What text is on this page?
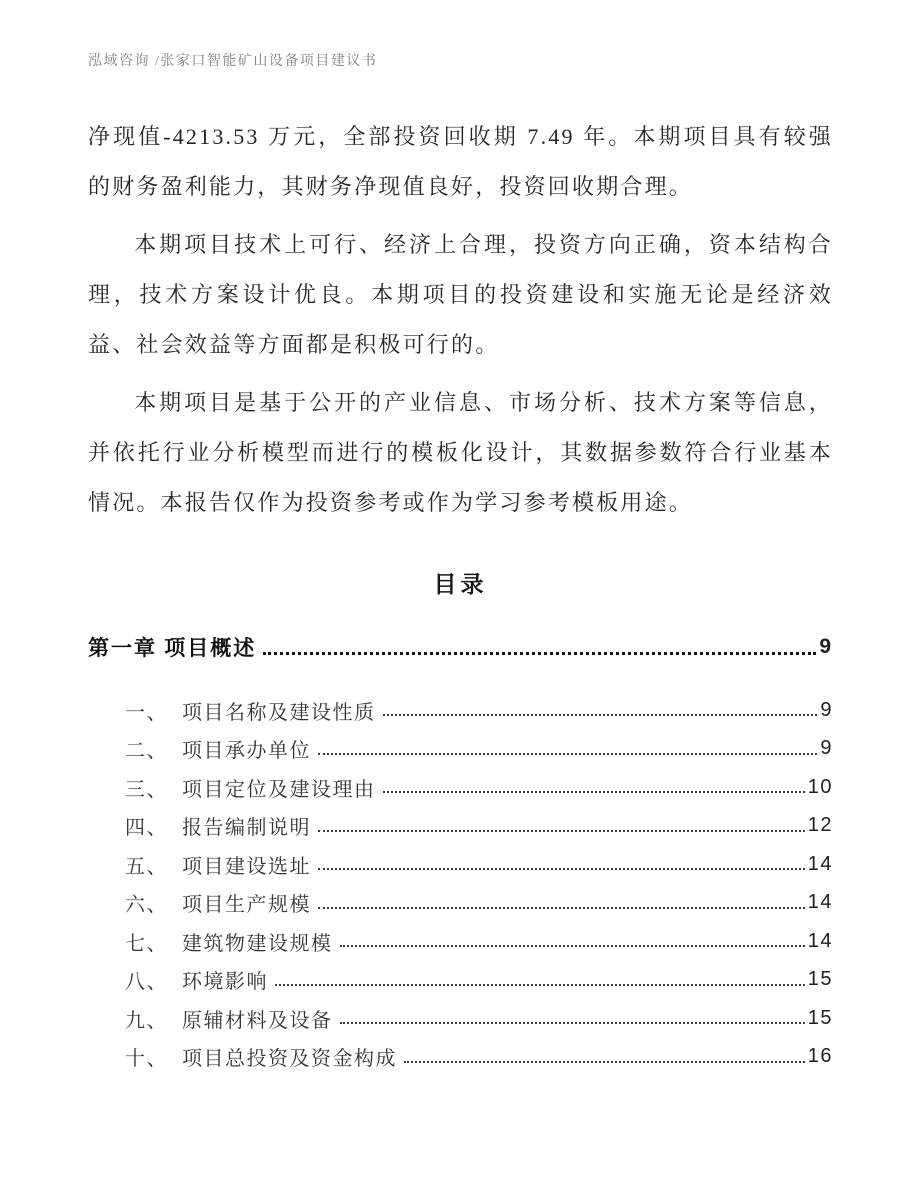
泓域咨询 /张家口智能矿山设备项目建议书

净现值-4213.53 万元，全部投资回收期 7.49 年。本期项目具有较强的财务盈利能力，其财务净现值良好，投资回收期合理。

本期项目技术上可行、经济上合理，投资方向正确，资本结构合理，技术方案设计优良。本期项目的投资建设和实施无论是经济效益、社会效益等方面都是积极可行的。

本期项目是基于公开的产业信息、市场分析、技术方案等信息，并依托行业分析模型而进行的模板化设计，其数据参数符合行业基本情况。本报告仅作为投资参考或作为学习参考模板用途。

目录
第一章 项目概述	9
一、 项目名称及建设性质	9
二、 项目承办单位	9
三、 项目定位及建设理由	10
四、 报告编制说明	12
五、 项目建设选址	14
六、 项目生产规模	14
七、 建筑物建设规模	14
八、 环境影响	15
九、 原辅材料及设备	15
十、 项目总投资及资金构成	16
